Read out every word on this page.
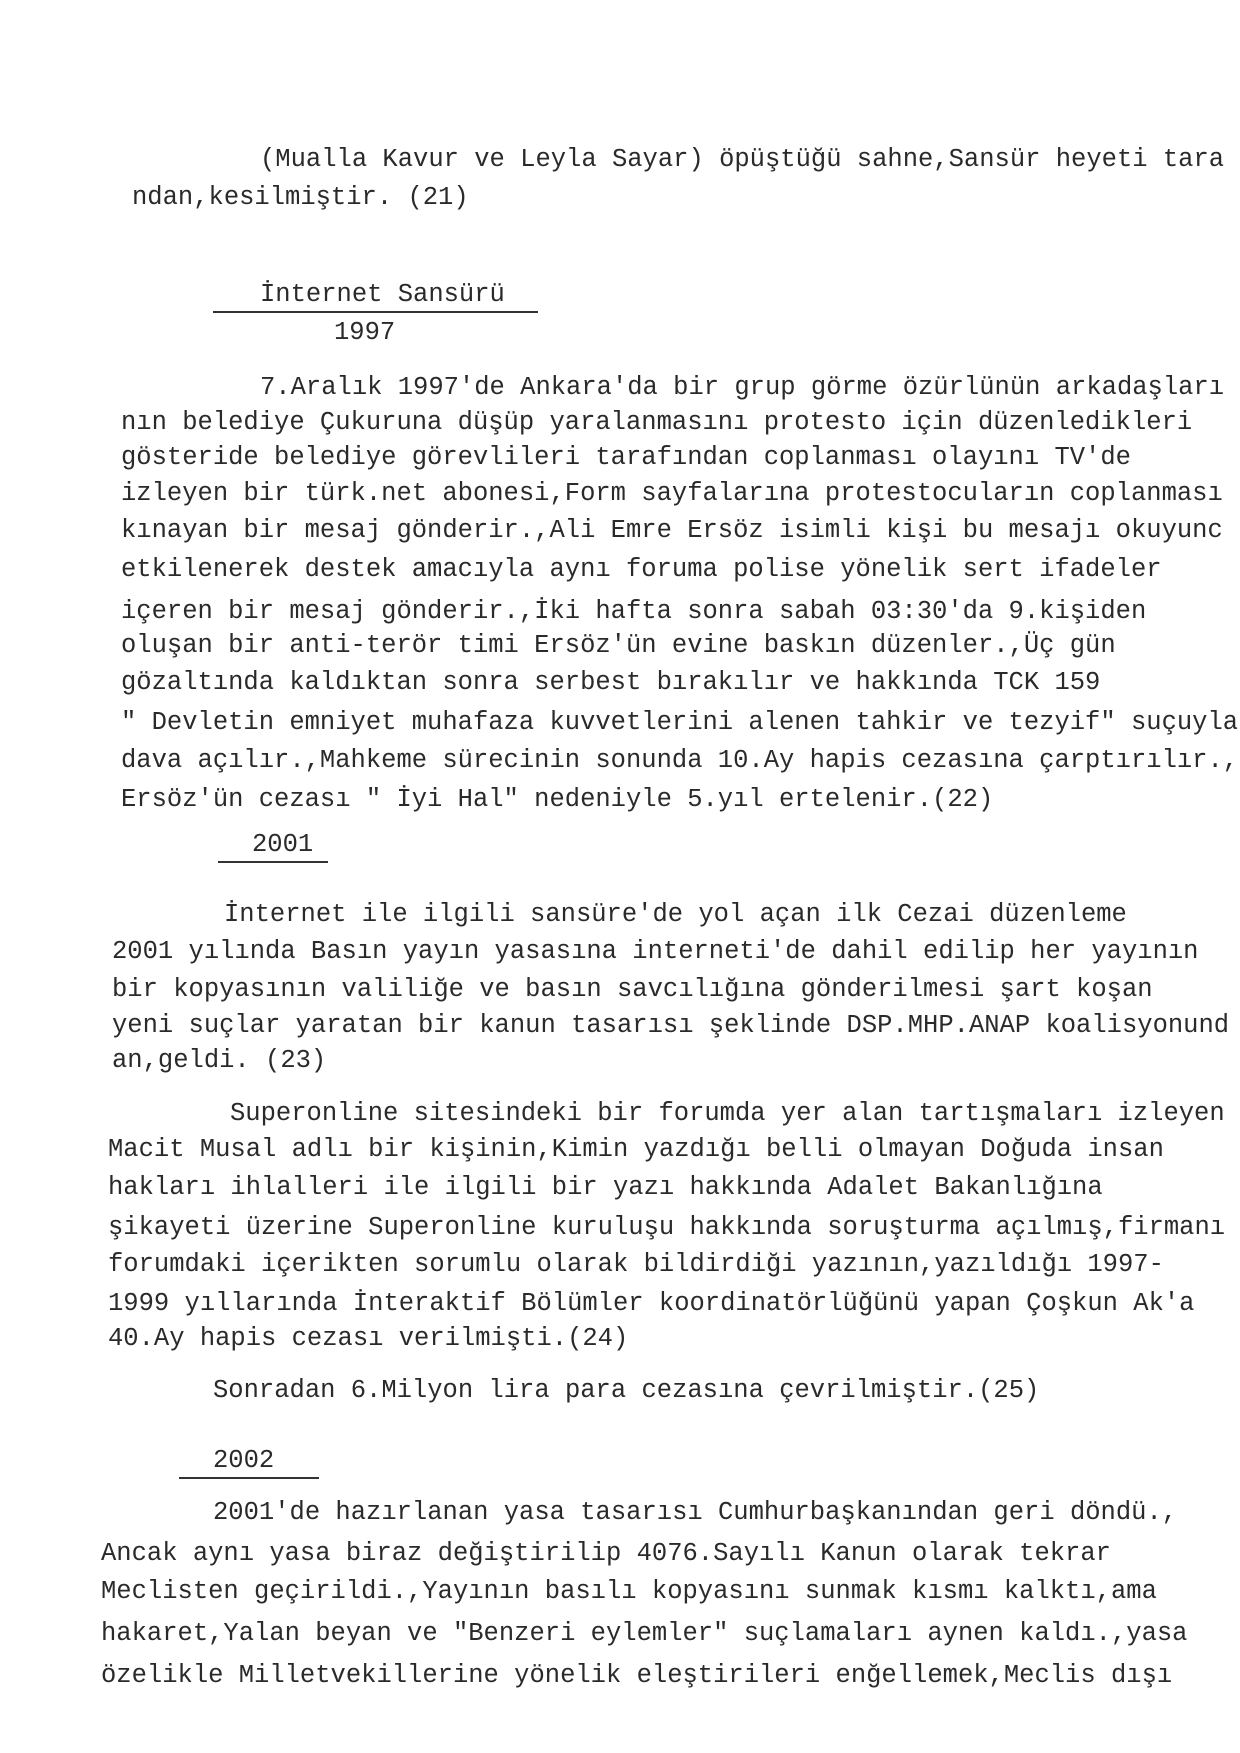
(Mualla Kavur ve Leyla Sayar) öpüştüğü sahne,Sansür heyeti tara
ndan,kesilmiştir. (21)
İnternet Sansürü
1997
7.Aralık 1997'de Ankara'da bir grup görme özürlünün arkadaşları
nın belediye Çukuruna düşüp yaralanmasını protesto için düzenledikleri
gösteride belediye görevlileri tarafından coplanması olayını TV'de
izleyen bir türk.net abonesi,Form sayfalarına protestocuların coplanması
kınayan bir mesaj gönderir.,Ali Emre Ersöz isimli kişi bu mesajı okuyunc
etkilenerek destek amacıyla aynı foruma polise yönelik sert ifadeler
içeren bir mesaj gönderir.,İki hafta sonra sabah 03:30'da 9.kişiden
oluşan bir anti-terör timi Ersöz'ün evine baskın düzenler.,Üç gün
gözaltında kaldıktan sonra serbest bırakılır ve hakkında TCK 159
" Devletin emniyet muhafaza kuvvetlerini alenen tahkir ve tezyif" suçuyla
dava açılır.,Mahkeme sürecinin sonunda 10.Ay hapis cezasına çarptırılır.,
Ersöz'ün cezası " İyi Hal" nedeniyle 5.yıl ertelenir.(22)
2001
İnternet ile ilgili sansüre'de yol açan ilk Cezai düzenleme
2001 yılında Basın yayın yasasına interneti'de dahil edilip her yayının
bir kopyasının valiliğe ve basın savcılığına gönderilmesi şart koşan
yeni suçlar yaratan bir kanun tasarısı şeklinde DSP.MHP.ANAP koalisyonund
an,geldi. (23)
Superonline sitesindeki bir forumda yer alan tartışmaları izleyen
Macit Musal adlı bir kişinin,Kimin yazdığı belli olmayan Doğuda insan
hakları ihlalleri ile ilgili bir yazı hakkında Adalet Bakanlığına
şikayeti üzerine Superonline kuruluşu hakkında soruşturma açılmış,firmanı
forumdaki içerikten sorumlu olarak bildirdiği yazının,yazıldığı 1997-
1999 yıllarında İnteraktif Bölümler koordinatörlüğünü yapan Çoşkun Ak'a
40.Ay hapis cezası verilmişti.(24)
Sonradan 6.Milyon lira para cezasına çevrilmiştir.(25)
2002
2001'de hazırlanan yasa tasarısı Cumhurbaşkanından geri döndü.,
Ancak aynı yasa biraz değiştirilip 4076.Sayılı Kanun olarak tekrar
Meclisten geçirildi.,Yayının basılı kopyasını sunmak kısmı kalktı,ama
hakaret,Yalan beyan ve "Benzeri eylemler" suçlamaları aynen kaldı.,yasa
özelikle Milletvekillerine yönelik eleştirileri enğellemek,Meclis dışı
